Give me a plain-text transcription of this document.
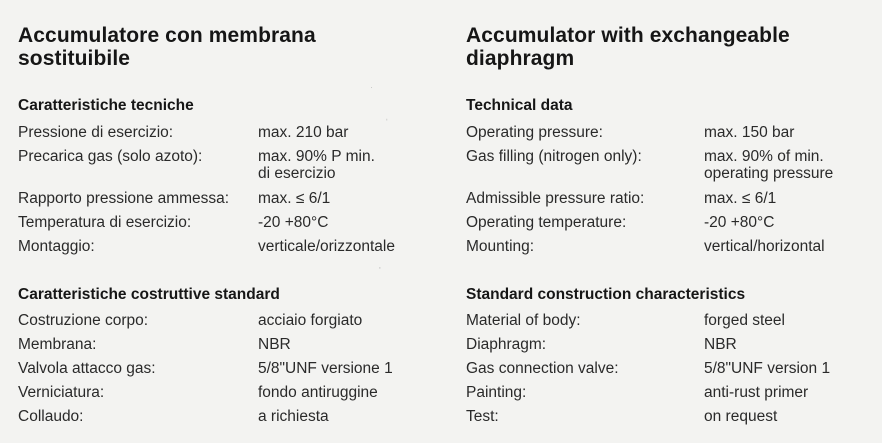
Accumulatore con membrana
sostituibile
Caratteristiche tecniche
Pressione di esercizio:	max. 210 bar
Precarica gas (solo azoto):	max. 90% P min.
di esercizio
Rapporto pressione ammessa: max. ≤ 6/1
Temperatura di esercizio:	-20 +80°C
Montaggio:	verticale/orizzontale
Caratteristiche costruttive standard
Costruzione corpo:	acciaio forgiato
Membrana:	NBR
Valvola attacco gas:	5/8"UNF versione 1
Verniciatura:	fondo antiruggine
Collaudo:	a richiesta
Accumulator with exchangeable
diaphragm
Technical data
Operating pressure:	max. 150 bar
Gas filling (nitrogen only):	max. 90% of min.
operating pressure
Admissible pressure ratio:	max. ≤ 6/1
Operating temperature:	-20 +80°C
Mounting:	vertical/horizontal
Standard construction characteristics
Material of body:	forged steel
Diaphragm:	NBR
Gas connection valve:	5/8"UNF version 1
Painting:	anti-rust primer
Test:	on request
ˑ
ˈ
·
